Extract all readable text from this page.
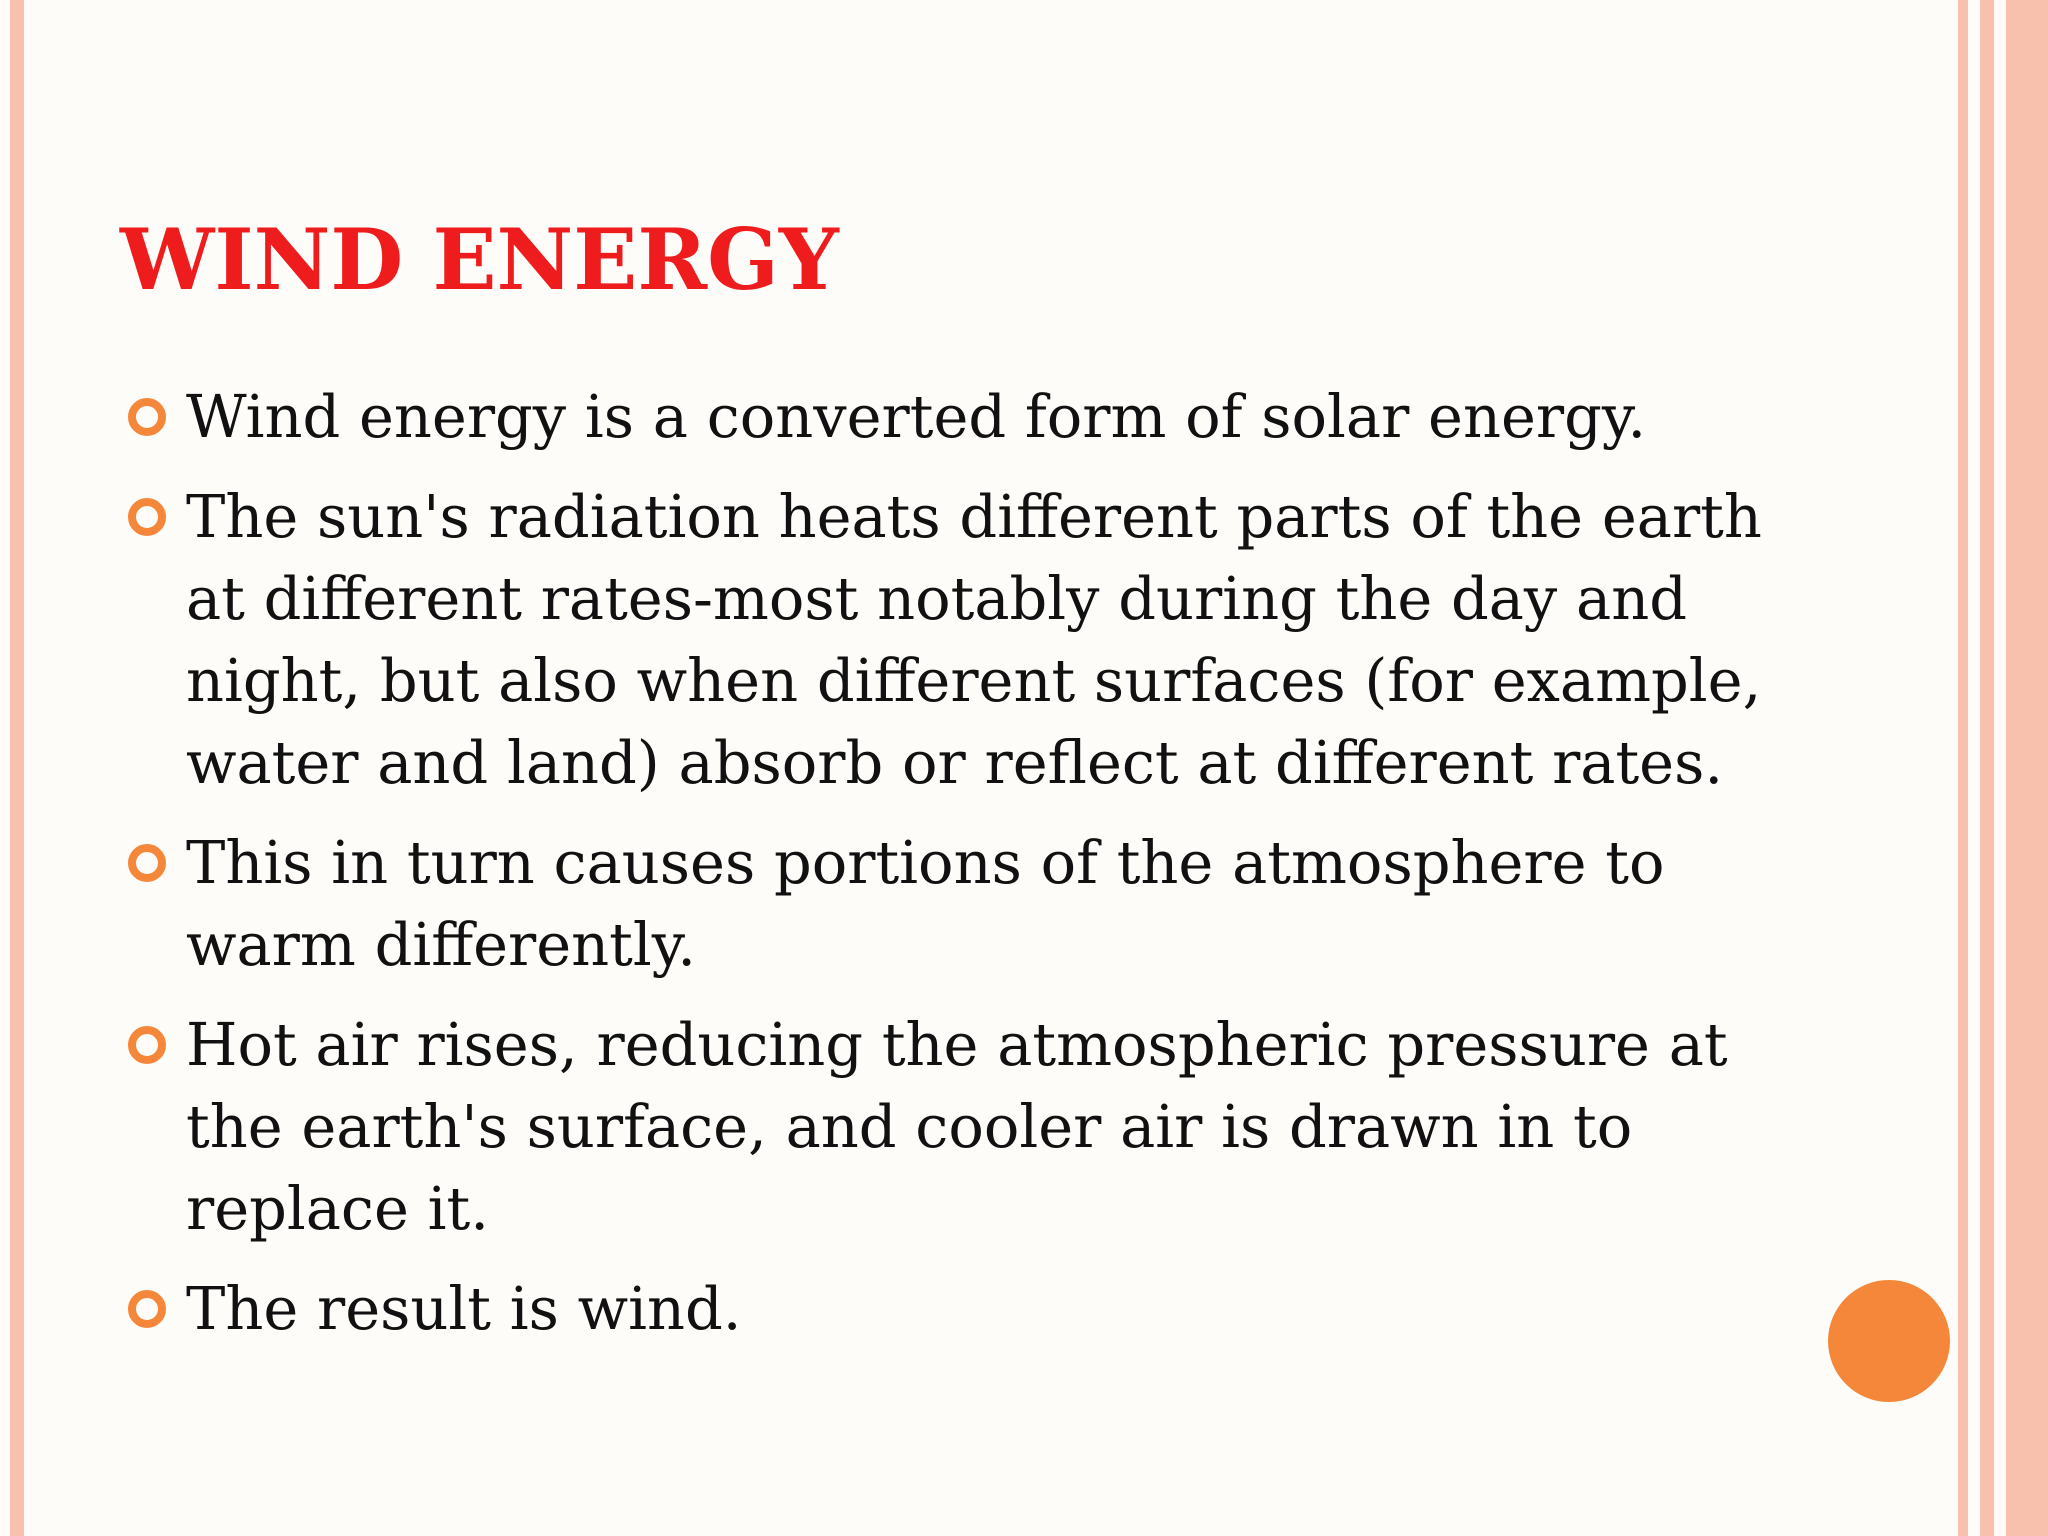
WIND ENERGY
Wind energy is a converted form of solar energy.
The sun's radiation heats different parts of the earth at different rates-most notably during the day and night, but also when different surfaces (for example, water and land) absorb or reflect at different rates.
This in turn causes portions of the atmosphere to warm differently.
Hot air rises, reducing the atmospheric pressure at the earth's surface, and cooler air is drawn in to replace it.
The result is wind.
